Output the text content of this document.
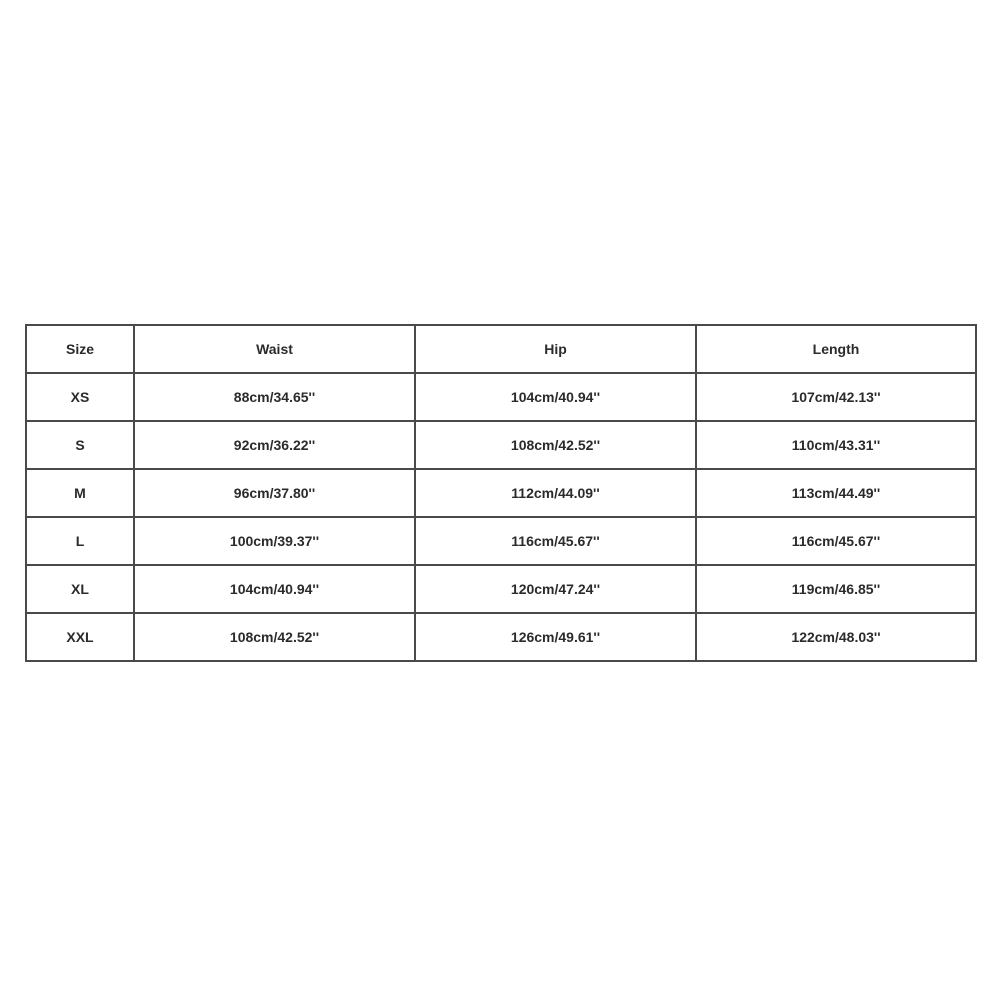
Size	Waist	Hip	Length
XS	88cm/34.65''	104cm/40.94''	107cm/42.13''
S	92cm/36.22''	108cm/42.52''	110cm/43.31''
M	96cm/37.80''	112cm/44.09''	113cm/44.49''
L	100cm/39.37''	116cm/45.67''	116cm/45.67''
XL	104cm/40.94''	120cm/47.24''	119cm/46.85''
XXL	108cm/42.52''	126cm/49.61''	122cm/48.03''
